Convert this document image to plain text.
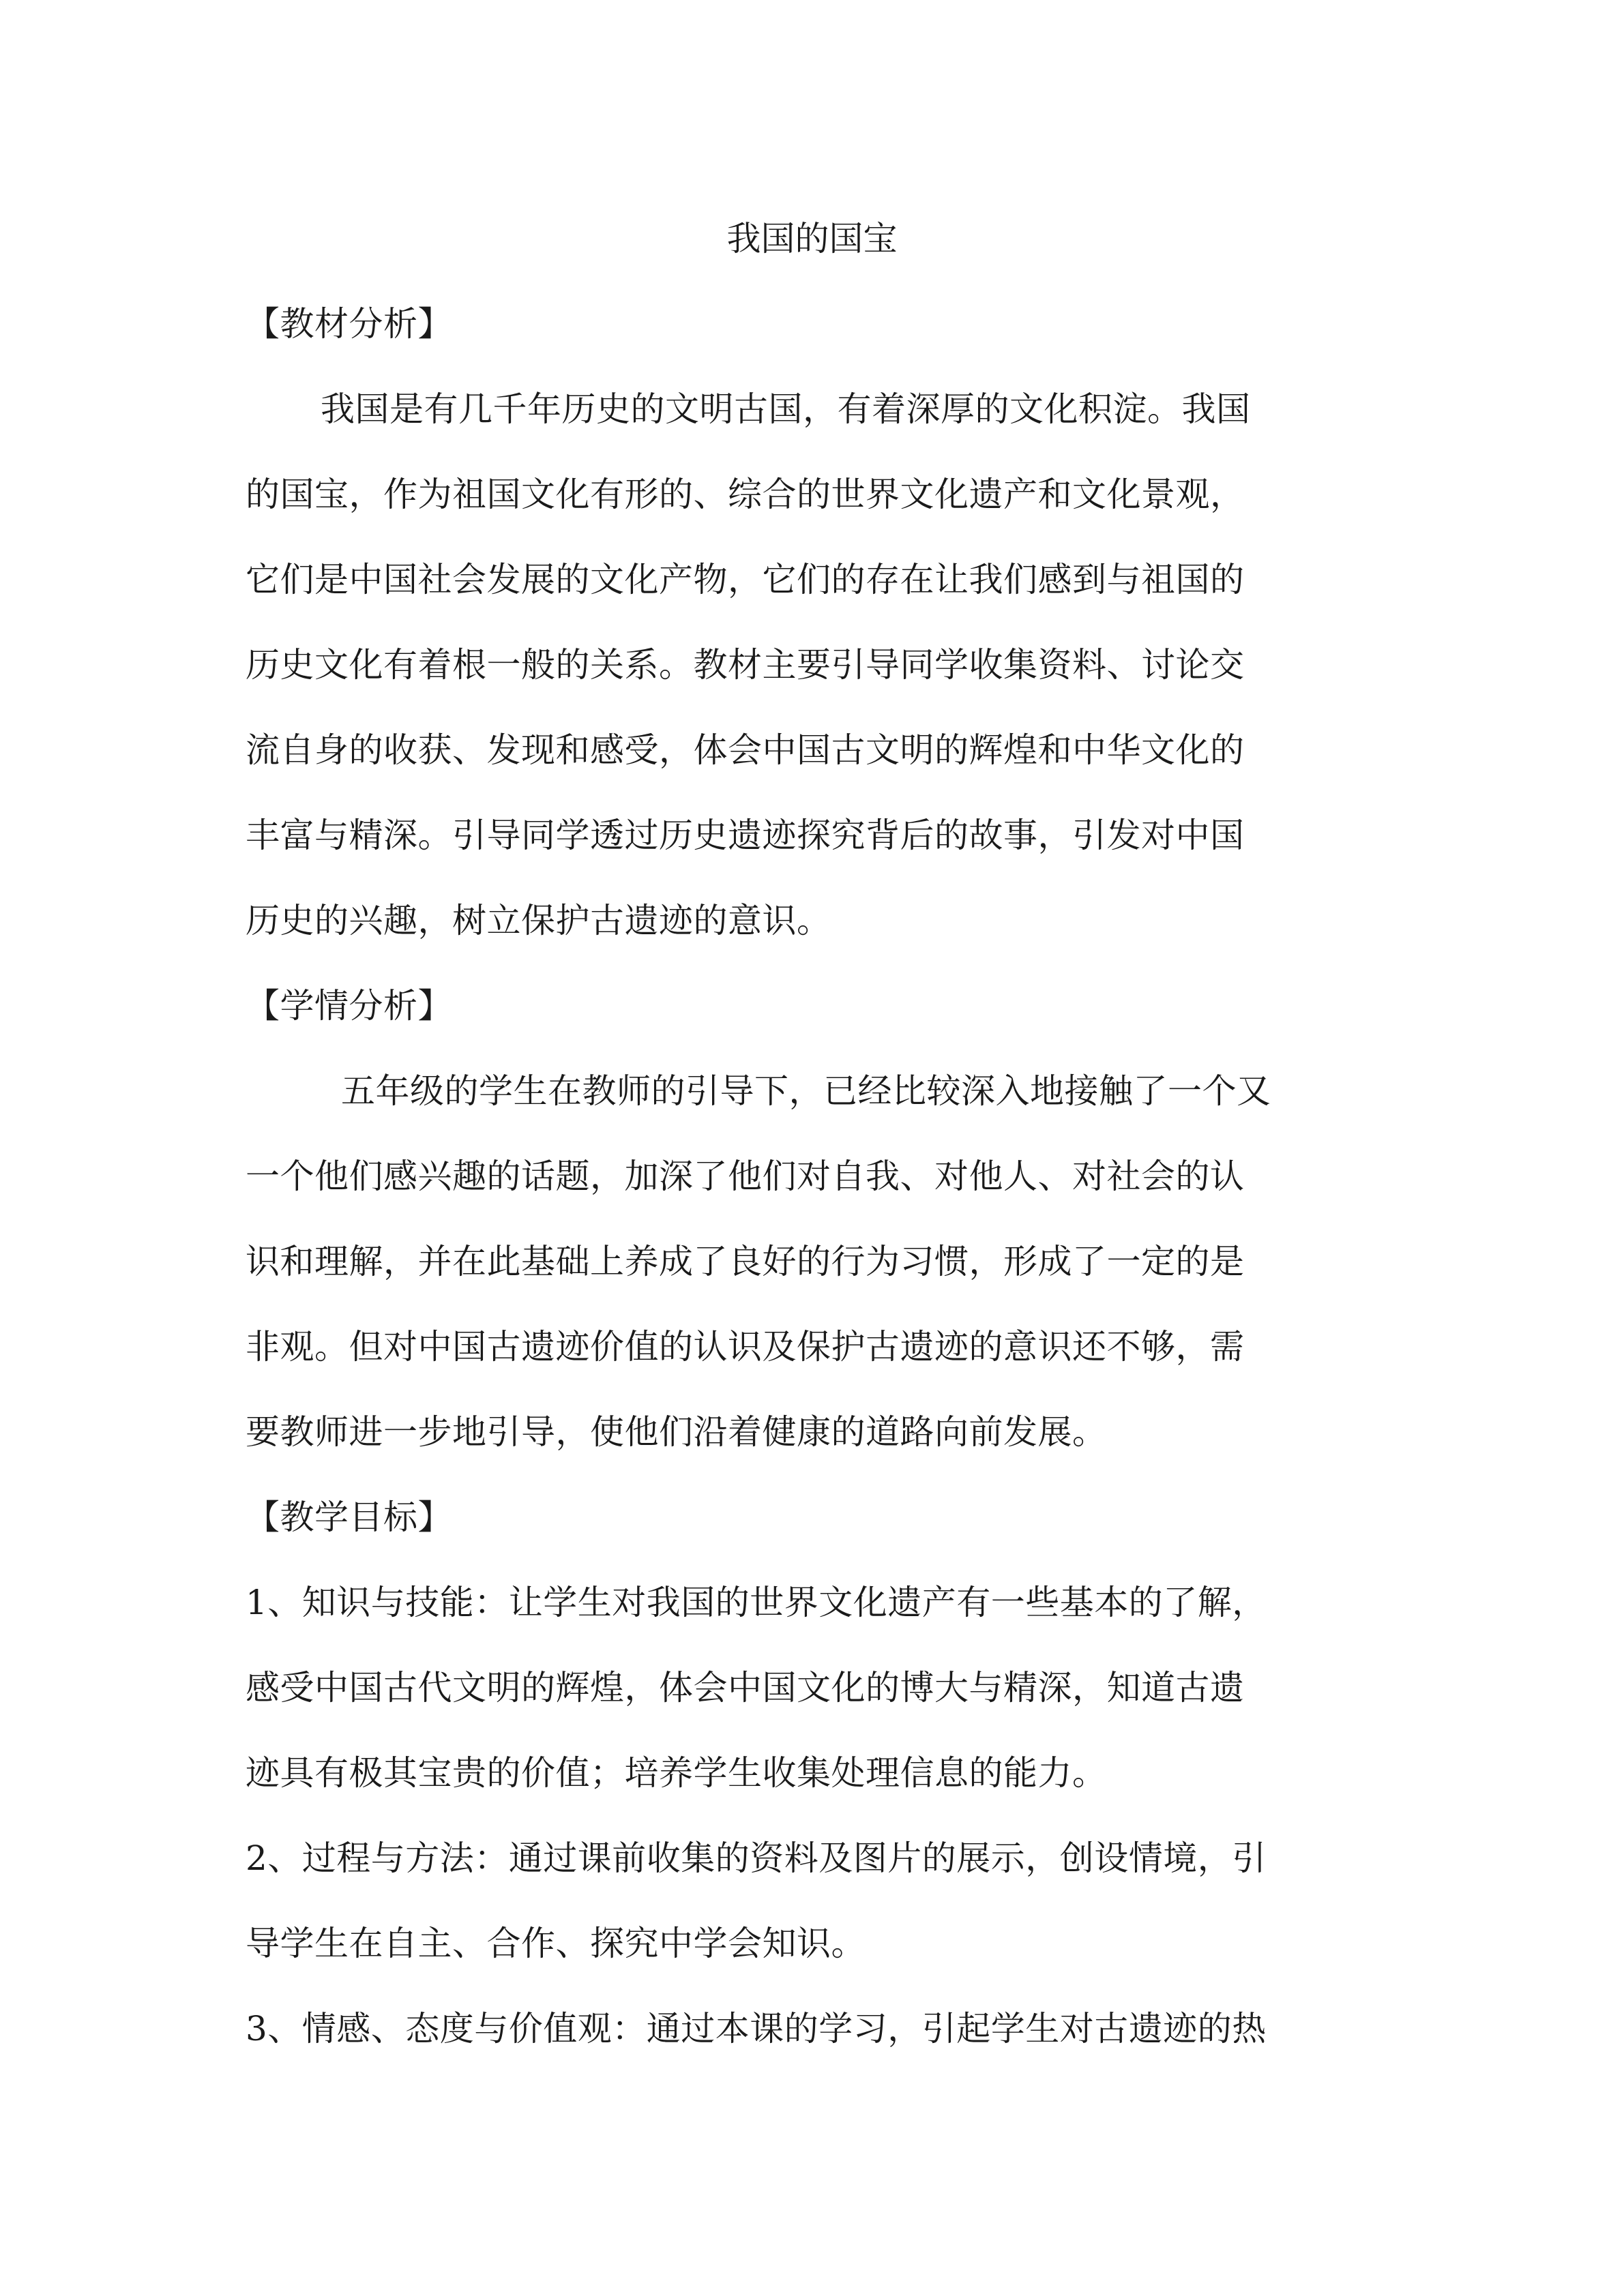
我国的国宝
【教材分析】
我国是有几千年历史的文明古国，有着深厚的文化积淀。我国
的国宝，作为祖国文化有形的、综合的世界文化遗产和文化景观，
它们是中国社会发展的文化产物，它们的存在让我们感到与祖国的
历史文化有着根一般的关系。教材主要引导同学收集资料、讨论交
流自身的收获、发现和感受，体会中国古文明的辉煌和中华文化的
丰富与精深。引导同学透过历史遗迹探究背后的故事，引发对中国
历史的兴趣，树立保护古遗迹的意识。
【学情分析】
五年级的学生在教师的引导下，已经比较深入地接触了一个又
一个他们感兴趣的话题，加深了他们对自我、对他人、对社会的认
识和理解，并在此基础上养成了良好的行为习惯，形成了一定的是
非观。但对中国古遗迹价值的认识及保护古遗迹的意识还不够，需
要教师进一步地引导，使他们沿着健康的道路向前发展。
【教学目标】
1、知识与技能：让学生对我国的世界文化遗产有一些基本的了解，
感受中国古代文明的辉煌，体会中国文化的博大与精深，知道古遗
迹具有极其宝贵的价值；培养学生收集处理信息的能力。
2、过程与方法：通过课前收集的资料及图片的展示，创设情境，引
导学生在自主、合作、探究中学会知识。
3、情感、态度与价值观：通过本课的学习，引起学生对古遗迹的热
